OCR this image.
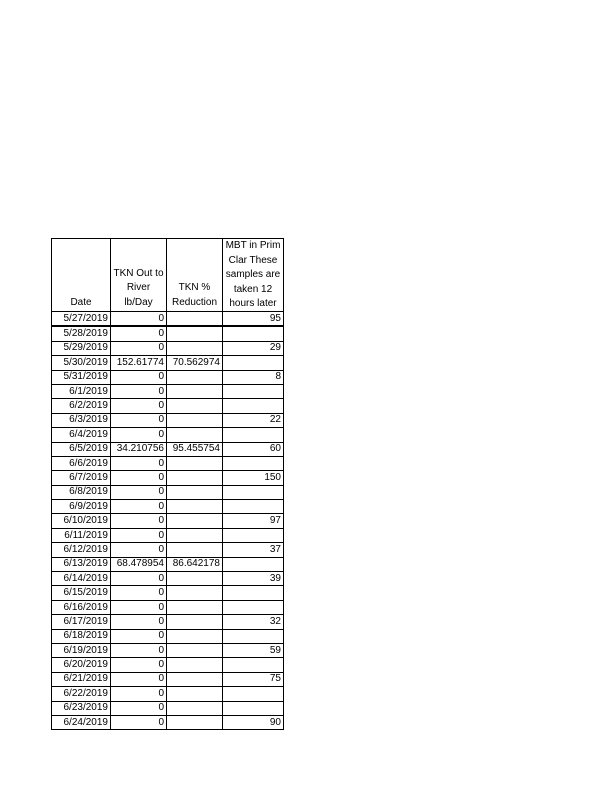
Date	TKN Out to River lb/Day	TKN % Reduction	MBT in Prim Clar These samples are taken 12 hours later

5/27/2019	0		95
5/28/2019	0		
5/29/2019	0		29
5/30/2019	152.61774	70.562974	
5/31/2019	0		8
6/1/2019	0		
6/2/2019	0		
6/3/2019	0		22
6/4/2019	0		
6/5/2019	34.210756	95.455754	60
6/6/2019	0		
6/7/2019	0		150
6/8/2019	0		
6/9/2019	0		
6/10/2019	0		97
6/11/2019	0		
6/12/2019	0		37
6/13/2019	68.478954	86.642178	
6/14/2019	0		39
6/15/2019	0		
6/16/2019	0		
6/17/2019	0		32
6/18/2019	0		
6/19/2019	0		59
6/20/2019	0		
6/21/2019	0		75
6/22/2019	0		
6/23/2019	0		
6/24/2019	0		90
